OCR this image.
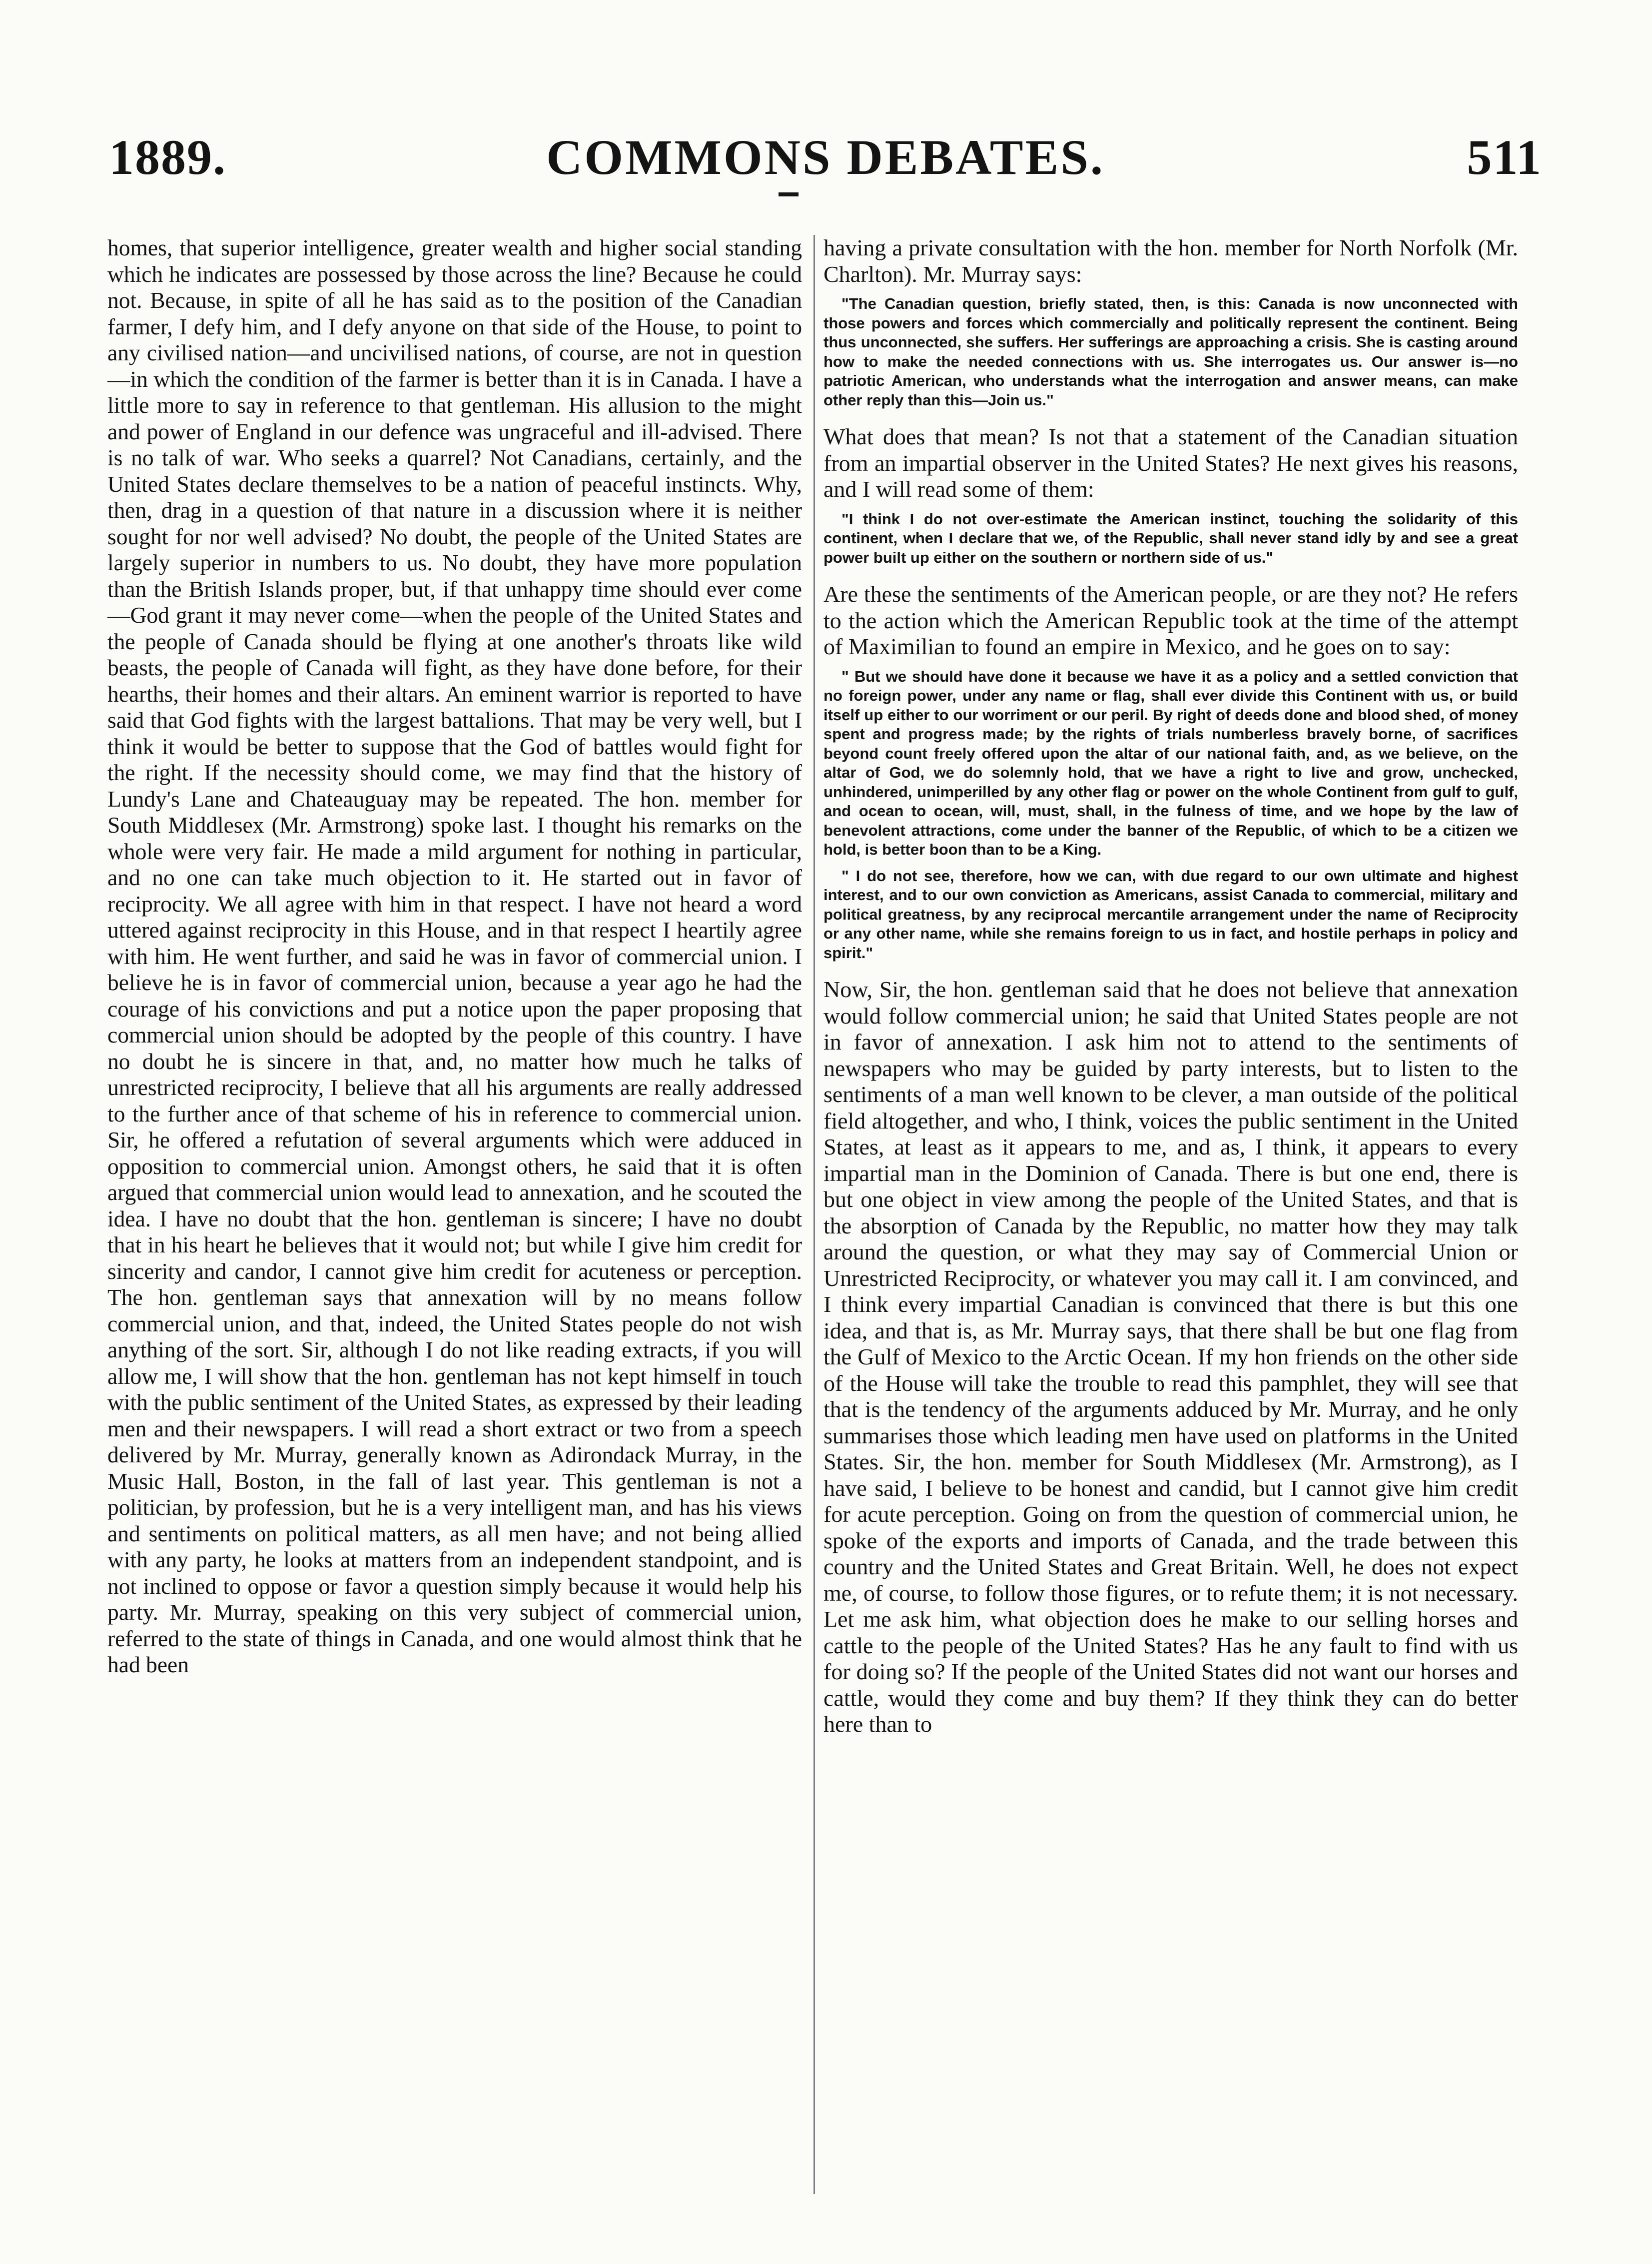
1889.	COMMONS DEBATES.	511

homes, that superior intelligence, greater wealth and higher social standing which he indicates are possessed by those across the line? Because he could not. Because, in spite of all he has said as to the position of the Canadian farmer, I defy him, and I defy anyone on that side of the House, to point to any civilised nation—and uncivilised nations, of course, are not in question—in which the condition of the farmer is better than it is in Canada. I have a little more to say in reference to that gentleman. His allusion to the might and power of England in our defence was ungraceful and ill-advised. There is no talk of war. Who seeks a quarrel? Not Canadians, certainly, and the United States declare themselves to be a nation of peaceful instincts. Why, then, drag in a question of that nature in a discussion where it is neither sought for nor well advised? No doubt, the people of the United States are largely superior in numbers to us. No doubt, they have more population than the British Islands proper, but, if that unhappy time should ever come—God grant it may never come—when the people of the United States and the people of Canada should be flying at one another's throats like wild beasts, the people of Canada will fight, as they have done before, for their hearths, their homes and their altars. An eminent warrior is reported to have said that God fights with the largest battalions. That may be very well, but I think it would be better to suppose that the God of battles would fight for the right. If the necessity should come, we may find that the history of Lundy's Lane and Chateauguay may be repeated. The hon. member for South Middlesex (Mr. Armstrong) spoke last. I thought his remarks on the whole were very fair. He made a mild argument for nothing in particular, and no one can take much objection to it. He started out in favor of reciprocity. We all agree with him in that respect. I have not heard a word uttered against reciprocity in this House, and in that respect I heartily agree with him. He went further, and said he was in favor of commercial union. I believe he is in favor of commercial union, because a year ago he had the courage of his convictions and put a notice upon the paper proposing that commercial union should be adopted by the people of this country. I have no doubt he is sincere in that, and, no matter how much he talks of unrestricted reciprocity, I believe that all his arguments are really addressed to the further ance of that scheme of his in reference to commercial union. Sir, he offered a refutation of several arguments which were adduced in opposition to commercial union. Amongst others, he said that it is often argued that commercial union would lead to annexation, and he scouted the idea. I have no doubt that the hon. gentleman is sincere; I have no doubt that in his heart he believes that it would not; but while I give him credit for sincerity and candor, I cannot give him credit for acuteness or perception. The hon. gentleman says that annexation will by no means follow commercial union, and that, indeed, the United States people do not wish anything of the sort. Sir, although I do not like reading extracts, if you will allow me, I will show that the hon. gentleman has not kept himself in touch with the public sentiment of the United States, as expressed by their leading men and their newspapers. I will read a short extract or two from a speech delivered by Mr. Murray, generally known as Adirondack Murray, in the Music Hall, Boston, in the fall of last year. This gentleman is not a politician, by profession, but he is a very intelligent man, and has his views and sentiments on political matters, as all men have; and not being allied with any party, he looks at matters from an independent standpoint, and is not inclined to oppose or favor a question simply because it would help his party. Mr. Murray, speaking on this very subject of commercial union, referred to the state of things in Canada, and one would almost think that he had been

having a private consultation with the hon. member for North Norfolk (Mr. Charlton). Mr. Murray says:

"The Canadian question, briefly stated, then, is this: Canada is now unconnected with those powers and forces which commercially and politically represent the continent. Being thus unconnected, she suffers. Her sufferings are approaching a crisis. She is casting around how to make the needed connections with us. She interrogates us. Our answer is—no patriotic American, who understands what the interrogation and answer means, can make other reply than this—Join us."

What does that mean? Is not that a statement of the Canadian situation from an impartial observer in the United States? He next gives his reasons, and I will read some of them:

"I think I do not over-estimate the American instinct, touching the solidarity of this continent, when I declare that we, of the Republic, shall never stand idly by and see a great power built up either on the southern or northern side of us."

Are these the sentiments of the American people, or are they not? He refers to the action which the American Republic took at the time of the attempt of Maximilian to found an empire in Mexico, and he goes on to say:

" But we should have done it because we have it as a policy and a settled conviction that no foreign power, under any name or flag, shall ever divide this Continent with us, or build itself up either to our worriment or our peril. By right of deeds done and blood shed, of money spent and progress made; by the rights of trials numberless bravely borne, of sacrifices beyond count freely offered upon the altar of our national faith, and, as we believe, on the altar of God, we do solemnly hold, that we have a right to live and grow, unchecked, unhindered, unimperilled by any other flag or power on the whole Continent from gulf to gulf, and ocean to ocean, will, must, shall, in the fulness of time, and we hope by the law of benevolent attractions, come under the banner of the Republic, of which to be a citizen we hold, is better boon than to be a King.

" I do not see, therefore, how we can, with due regard to our own ultimate and highest interest, and to our own conviction as Americans, assist Canada to commercial, military and political greatness, by any reciprocal mercantile arrangement under the name of Reciprocity or any other name, while she remains foreign to us in fact, and hostile perhaps in policy and spirit."

Now, Sir, the hon. gentleman said that he does not believe that annexation would follow commercial union; he said that United States people are not in favor of annexation. I ask him not to attend to the sentiments of newspapers who may be guided by party interests, but to listen to the sentiments of a man well known to be clever, a man outside of the political field altogether, and who, I think, voices the public sentiment in the United States, at least as it appears to me, and as, I think, it appears to every impartial man in the Dominion of Canada. There is but one end, there is but one object in view among the people of the United States, and that is the absorption of Canada by the Republic, no matter how they may talk around the question, or what they may say of Commercial Union or Unrestricted Reciprocity, or whatever you may call it. I am convinced, and I think every impartial Canadian is convinced that there is but this one idea, and that is, as Mr. Murray says, that there shall be but one flag from the Gulf of Mexico to the Arctic Ocean. If my hon friends on the other side of the House will take the trouble to read this pamphlet, they will see that that is the tendency of the arguments adduced by Mr. Murray, and he only summarises those which leading men have used on platforms in the United States. Sir, the hon. member for South Middlesex (Mr. Armstrong), as I have said, I believe to be honest and candid, but I cannot give him credit for acute perception. Going on from the question of commercial union, he spoke of the exports and imports of Canada, and the trade between this country and the United States and Great Britain. Well, he does not expect me, of course, to follow those figures, or to refute them; it is not necessary. Let me ask him, what objection does he make to our selling horses and cattle to the people of the United States? Has he any fault to find with us for doing so? If the people of the United States did not want our horses and cattle, would they come and buy them? If they think they can do better here than to
